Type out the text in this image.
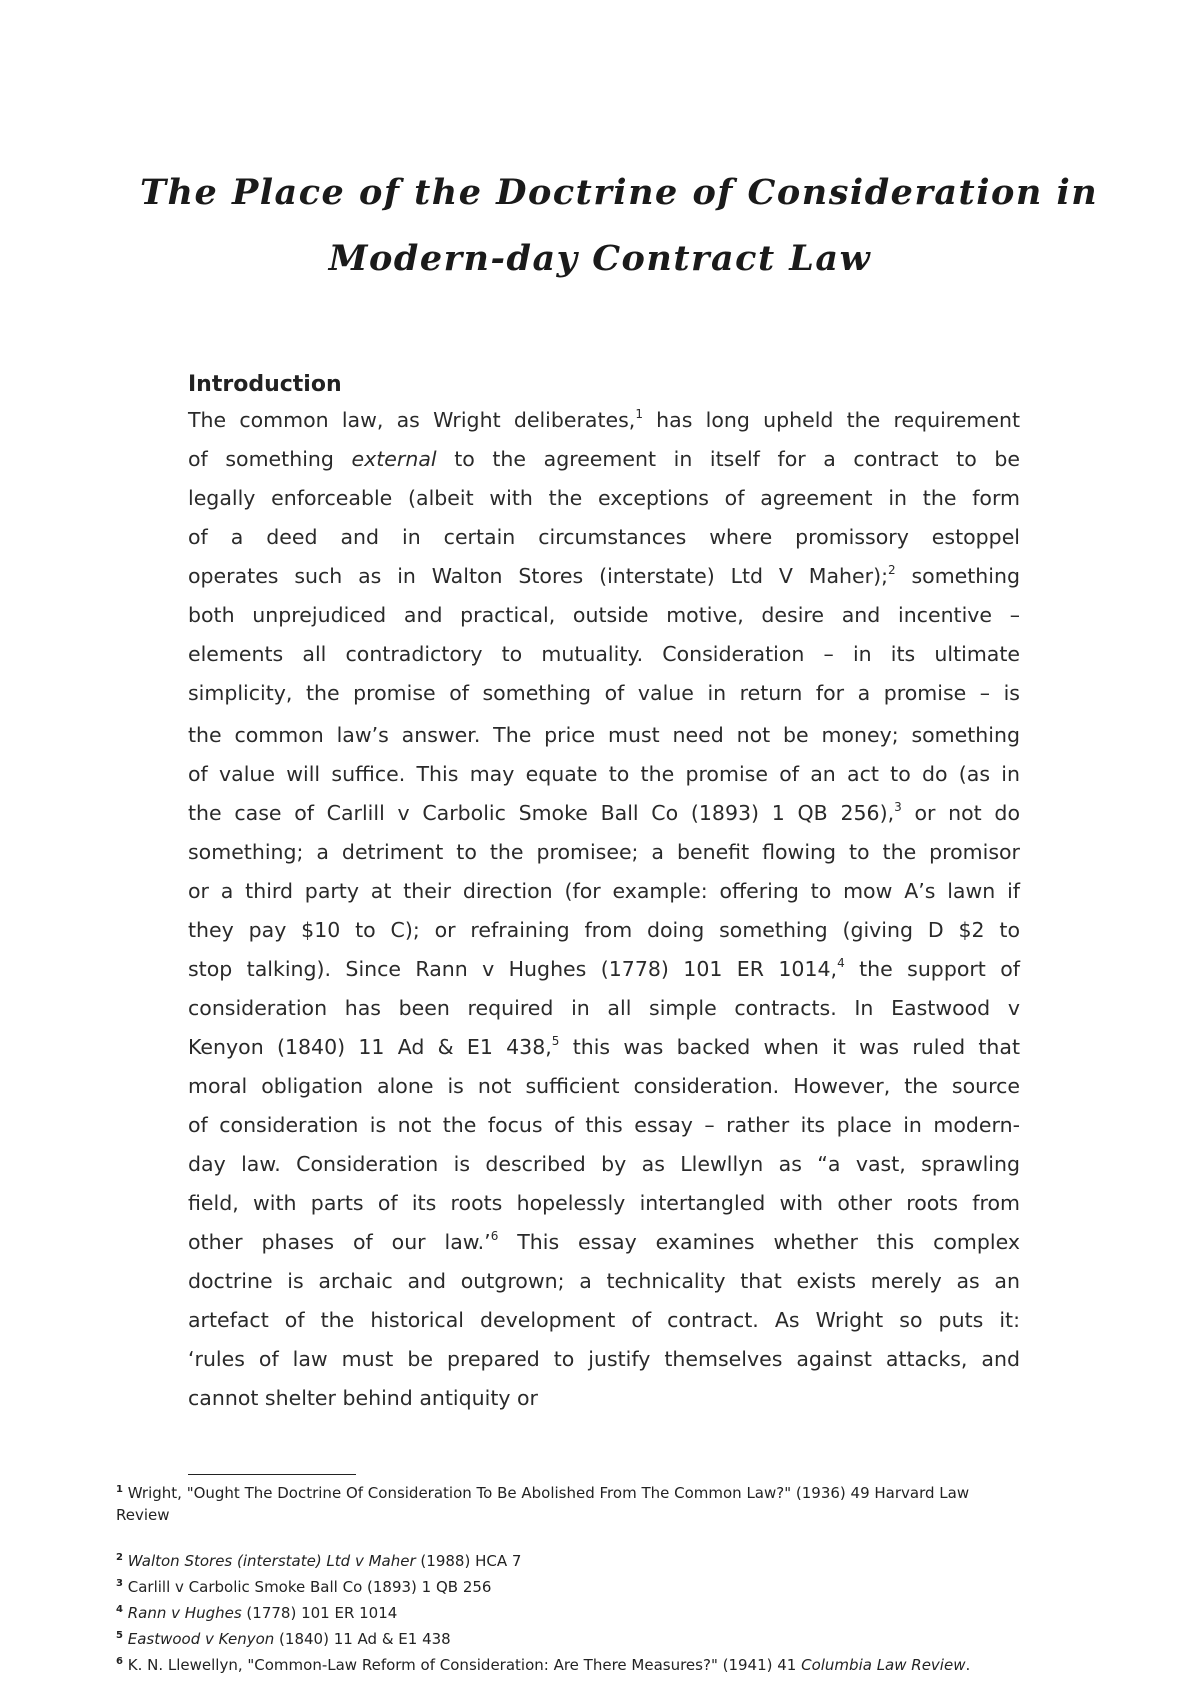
The Place of the Doctrine of Consideration in
Modern-day Contract Law
Introduction

The common law, as Wright deliberates,$^1$ has long upheld the requirement

of something external to the agreement in itself for a contract to be

legally enforceable (albeit with the exceptions of agreement in the form

of a deed and in certain circumstances where promissory estoppel

operates such as in Walton Stores (interstate) Ltd V Maher);$^2$ something

both unprejudiced and practical, outside motive, desire and incentive –

elements all contradictory to mutuality. Consideration – in its ultimate

simplicity, the promise of something of value in return for a promise – is

the common law’s answer. The price must need not be money; something

of value will suffice. This may equate to the promise of an act to do (as in

the case of Carlill v Carbolic Smoke Ball Co (1893) 1 QB 256),$^3$ or not do

something; a detriment to the promisee; a benefit flowing to the promisor

or a third party at their direction (for example: offering to mow A’s lawn if

they pay $10 to C); or refraining from doing something (giving D $2 to

stop talking). Since Rann v Hughes (1778) 101 ER 1014,$^4$ the support of

consideration has been required in all simple contracts. In Eastwood v

Kenyon (1840) 11 Ad & E1 438,$^5$ this was backed when it was ruled that

moral obligation alone is not sufficient consideration. However, the source

of consideration is not the focus of this essay – rather its place in modern-

day law. Consideration is described by as Llewllyn as “a vast, sprawling

field, with parts of its roots hopelessly intertangled with other roots from

other phases of our law.’$^6$ This essay examines whether this complex

doctrine is archaic and outgrown; a technicality that exists merely as an

artefact of the historical development of contract. As Wright so puts it:

‘rules of law must be prepared to justify themselves against attacks, and

cannot shelter behind antiquity or

$^1$ Wright, "Ought The Doctrine Of Consideration To Be Abolished From The Common Law?" (1936) 49 Harvard Law
Review

$^2$ Walton Stores (interstate) Ltd v Maher (1988) HCA 7

$^3$ Carlill v Carbolic Smoke Ball Co (1893) 1 QB 256

$^4$ Rann v Hughes (1778) 101 ER 1014

$^5$ Eastwood v Kenyon (1840) 11 Ad & E1 438

$^6$ K. N. Llewellyn, "Common-Law Reform of Consideration: Are There Measures?" (1941) 41 Columbia Law Review.
